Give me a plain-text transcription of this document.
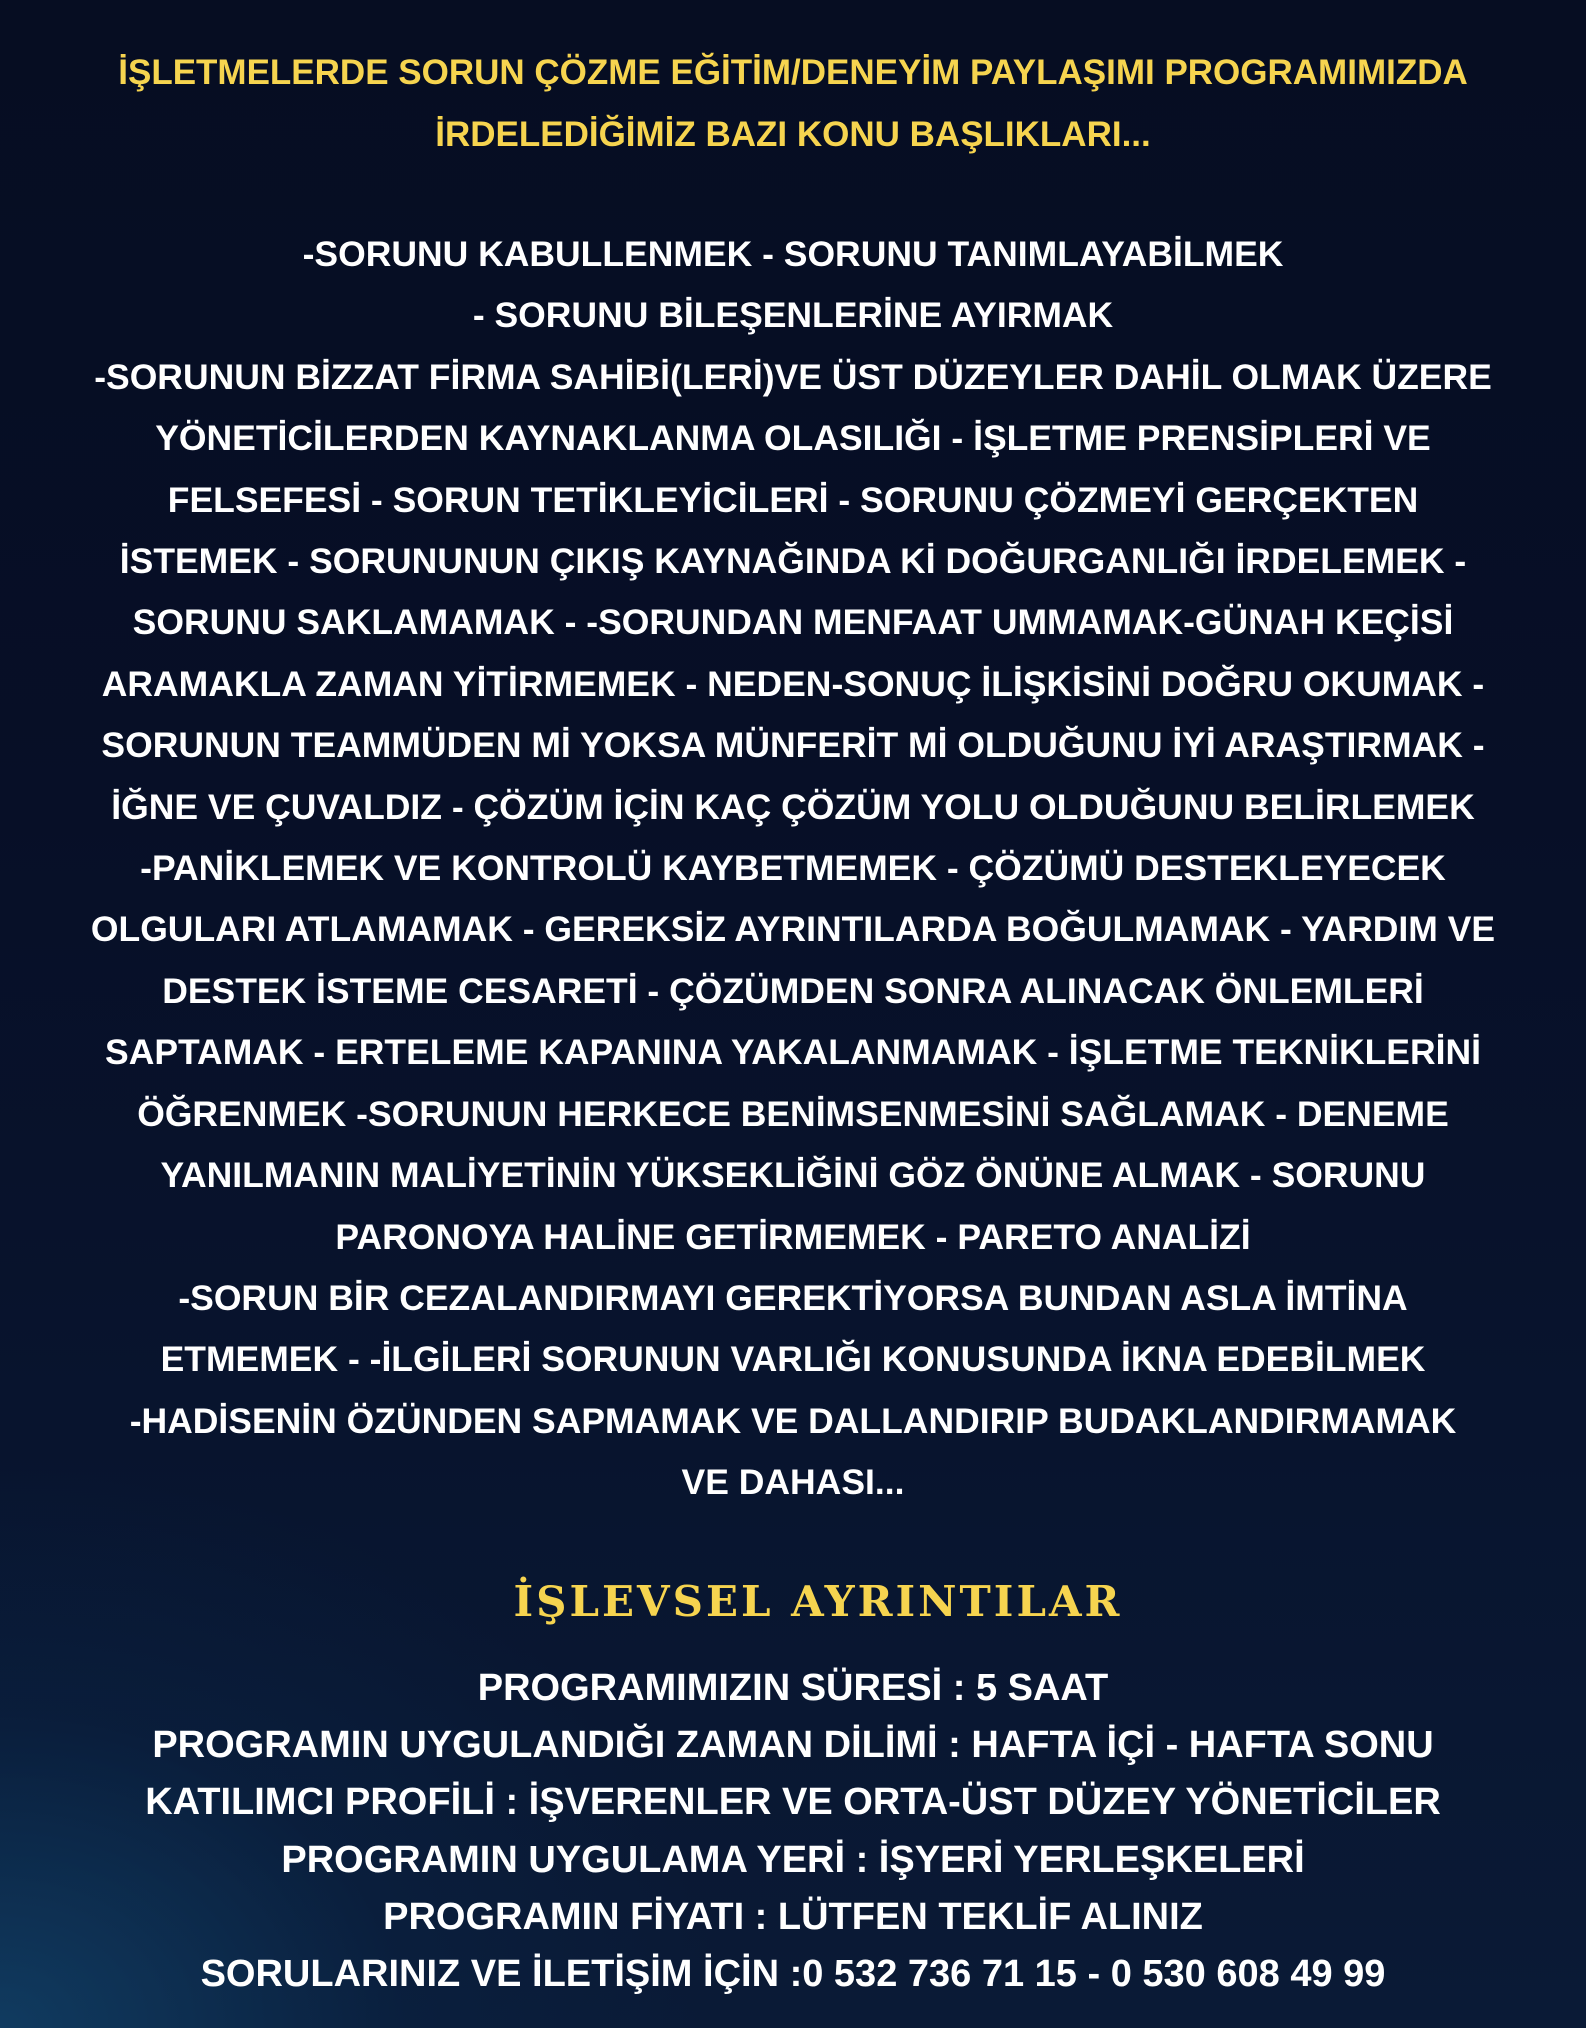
İŞLETMELERDE SORUN ÇÖZME EĞİTİM/DENEYİM PAYLAŞIMI PROGRAMIMIZDA
İRDELEDİĞİMİZ BAZI KONU BAŞLIKLARI...
-SORUNU KABULLENMEK - SORUNU TANIMLAYABİLMEK
- SORUNU BİLEŞENLERİNE AYIRMAK
-SORUNUN BİZZAT FİRMA SAHİBİ(LERİ)VE ÜST DÜZEYLER DAHİL OLMAK ÜZERE
YÖNETİCİLERDEN KAYNAKLANMA OLASILIĞI - İŞLETME PRENSİPLERİ VE
FELSEFESİ - SORUN TETİKLEYİCİLERİ - SORUNU ÇÖZMEYİ GERÇEKTEN
İSTEMEK - SORUNUNUN ÇIKIŞ KAYNAĞINDA Kİ DOĞURGANLIĞI İRDELEMEK -
SORUNU SAKLAMAMAK - -SORUNDAN MENFAAT UMMAMAK-GÜNAH KEÇİSİ
ARAMAKLA ZAMAN YİTİRMEMEK - NEDEN-SONUÇ İLİŞKİSİNİ DOĞRU OKUMAK -
SORUNUN TEAMMÜDEN Mİ YOKSA MÜNFERİT Mİ OLDUĞUNU İYİ ARAŞTIRMAK -
İĞNE VE ÇUVALDIZ - ÇÖZÜM İÇİN KAÇ ÇÖZÜM YOLU OLDUĞUNU BELİRLEMEK
-PANİKLEMEK VE KONTROLÜ KAYBETMEMEK - ÇÖZÜMÜ DESTEKLEYECEK
OLGULARI ATLAMAMAK - GEREKSİZ AYRINTILARDA BOĞULMAMAK - YARDIM VE
DESTEK İSTEME CESARETİ - ÇÖZÜMDEN SONRA ALINACAK ÖNLEMLERİ
SAPTAMAK - ERTELEME KAPANINA YAKALANMAMAK - İŞLETME TEKNİKLERİNİ
ÖĞRENMEK -SORUNUN HERKECE BENİMSENMESİNİ SAĞLAMAK - DENEME
YANILMANIN MALİYETİNİN YÜKSEKLİĞİNİ GÖZ ÖNÜNE ALMAK - SORUNU
PARONOYA HALİNE GETİRMEMEK - PARETO ANALİZİ
-SORUN BİR CEZALANDIRMAYI GEREKTİYORSA BUNDAN ASLA İMTİNA
ETMEMEK - -İLGİLERİ SORUNUN VARLIĞI KONUSUNDA İKNA EDEBİLMEK
-HADİSENİN ÖZÜNDEN SAPMAMAK VE DALLANDIRIP BUDAKLANDIRMAMAK
VE DAHASI...
İŞLEVSEL AYRINTILAR
PROGRAMIMIZIN SÜRESİ : 5 SAAT
PROGRAMIN UYGULANDIĞI ZAMAN DİLİMİ : HAFTA İÇİ - HAFTA SONU
KATILIMCI PROFİLİ : İŞVERENLER VE ORTA-ÜST DÜZEY YÖNETİCİLER
PROGRAMIN UYGULAMA YERİ : İŞYERİ YERLEŞKELERİ
PROGRAMIN FİYATI : LÜTFEN TEKLİF ALINIZ
SORULARINIZ VE İLETİŞİM İÇİN :0 532 736 71 15 - 0 530 608 49 99
